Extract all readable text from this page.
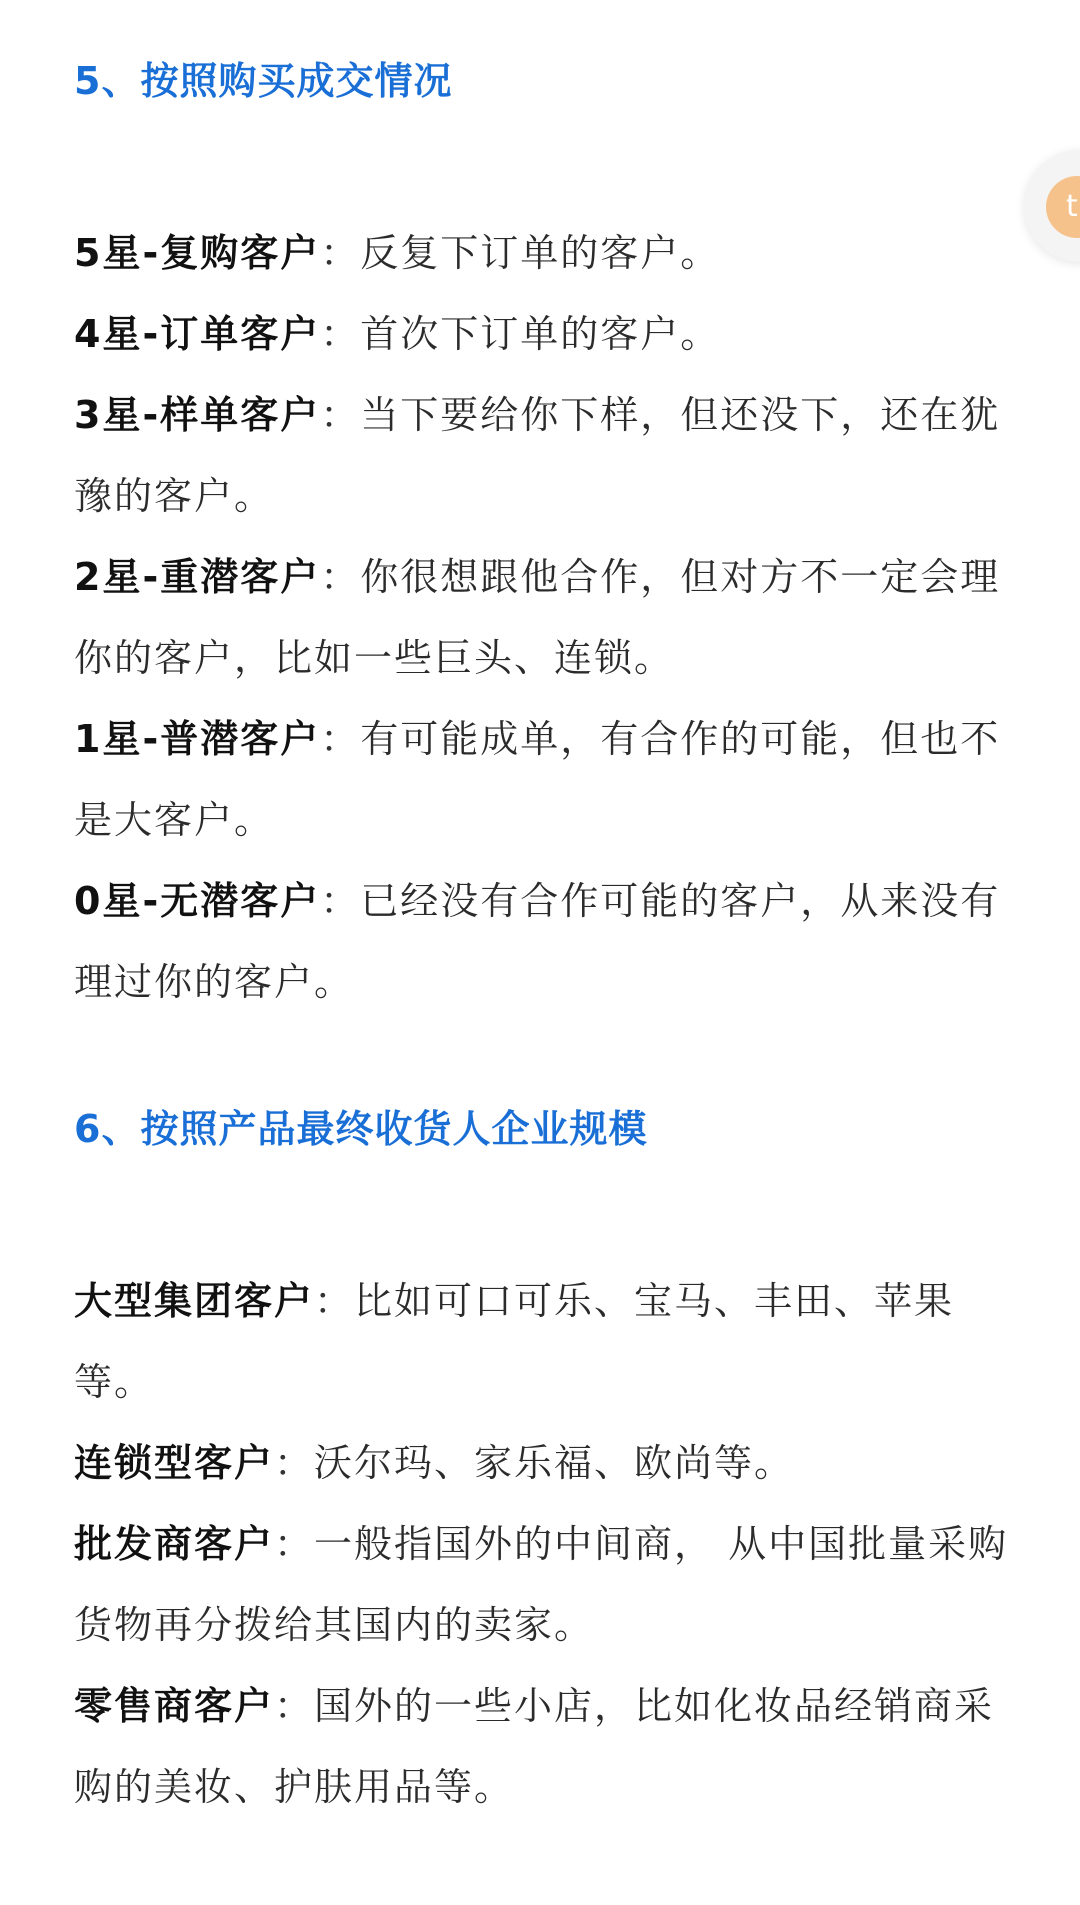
5、按照购买成交情况

5星-复购客户：反复下订单的客户。

4星-订单客户：首次下订单的客户。

3星-样单客户：当下要给你下样，但还没下，还在犹豫的客户。

2星-重潜客户：你很想跟他合作，但对方不一定会理你的客户，比如一些巨头、连锁。

1星-普潜客户：有可能成单，有合作的可能，但也不是大客户。

0星-无潜客户：已经没有合作可能的客户，从来没有理过你的客户。

6、按照产品最终收货人企业规模

大型集团客户：比如可口可乐、宝马、丰田、苹果等。

连锁型客户：沃尔玛、家乐福、欧尚等。

批发商客户：一般指国外的中间商， 从中国批量采购货物再分拨给其国内的卖家。

零售商客户：国外的一些小店，比如化妆品经销商采购的美妆、护肤用品等。

t
